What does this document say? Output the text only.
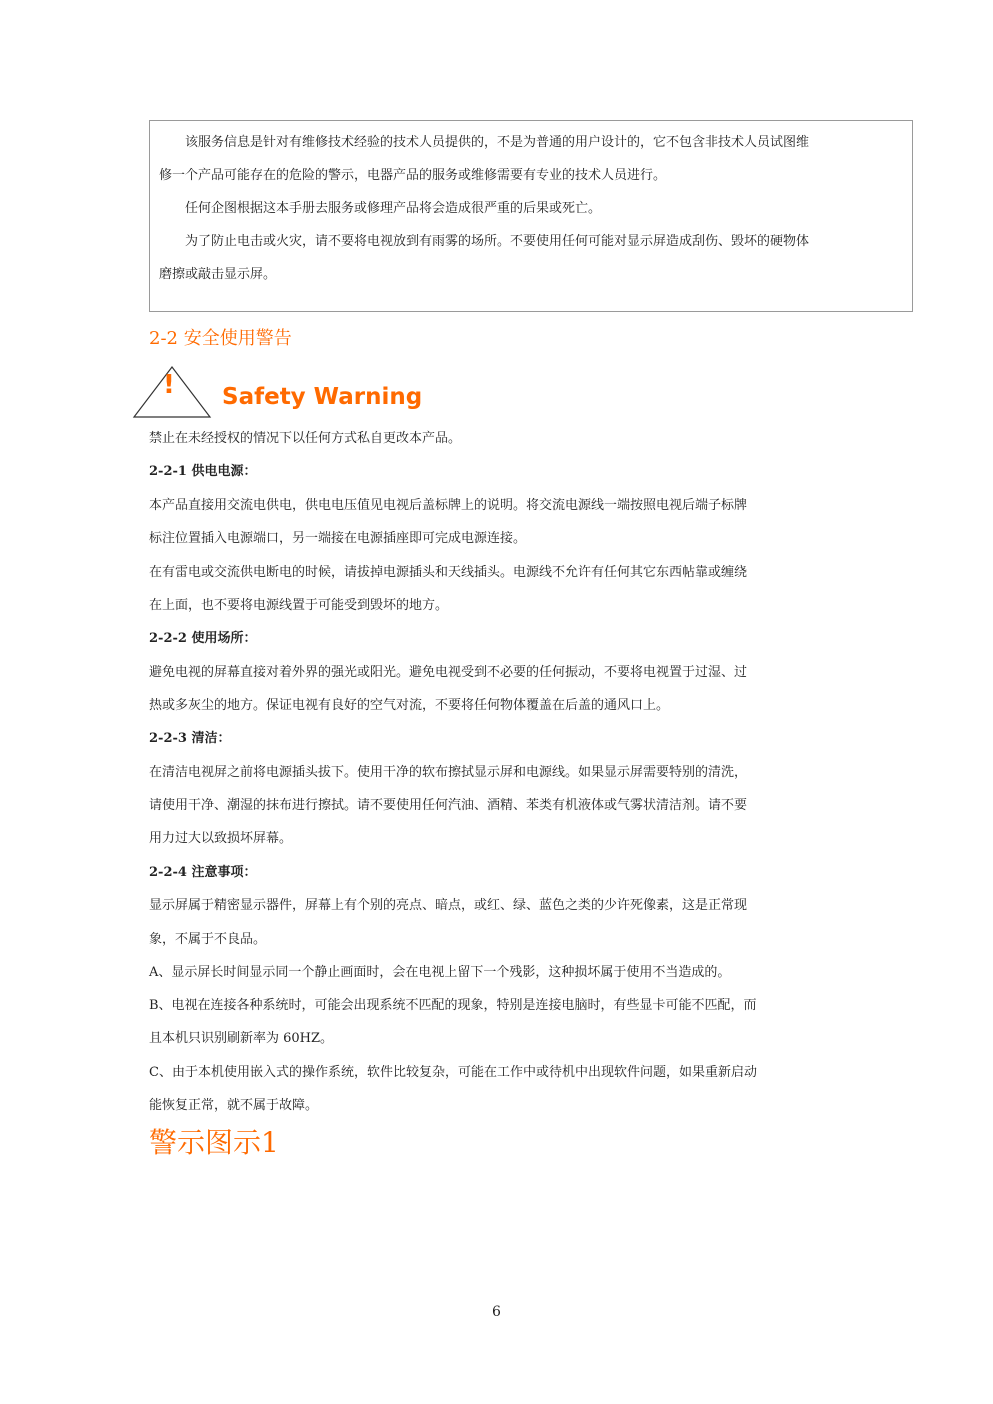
　　该服务信息是针对有维修技术经验的技术人员提供的，不是为普通的用户设计的，它不包含非技术人员试图维

修一个产品可能存在的危险的警示，电器产品的服务或维修需要有专业的技术人员进行。

　　任何企图根据这本手册去服务或修理产品将会造成很严重的后果或死亡。

　　为了防止电击或火灾，请不要将电视放到有雨雾的场所。不要使用任何可能对显示屏造成刮伤、毁坏的硬物体

磨擦或敲击显示屏。

2-2 安全使用警告
! Safety Warning

禁止在未经授权的情况下以任何方式私自更改本产品。

2-2-1 供电电源：

本产品直接用交流电供电，供电电压值见电视后盖标牌上的说明。将交流电源线一端按照电视后端子标牌

标注位置插入电源端口，另一端接在电源插座即可完成电源连接。

在有雷电或交流供电断电的时候，请拔掉电源插头和天线插头。电源线不允许有任何其它东西帖靠或缠绕

在上面，也不要将电源线置于可能受到毁坏的地方。

2-2-2 使用场所：

避免电视的屏幕直接对着外界的强光或阳光。避免电视受到不必要的任何振动，不要将电视置于过湿、过

热或多灰尘的地方。保证电视有良好的空气对流，不要将任何物体覆盖在后盖的通风口上。

2-2-3 清洁：

在清洁电视屏之前将电源插头拔下。使用干净的软布擦拭显示屏和电源线。如果显示屏需要特别的清洗，

请使用干净、潮湿的抹布进行擦拭。请不要使用任何汽油、酒精、苯类有机液体或气雾状清洁剂。请不要

用力过大以致损坏屏幕。

2-2-4 注意事项：

显示屏属于精密显示器件，屏幕上有个别的亮点、暗点，或红、绿、蓝色之类的少许死像素，这是正常现

象，不属于不良品。

A、显示屏长时间显示同一个静止画面时，会在电视上留下一个残影，这种损坏属于使用不当造成的。

B、电视在连接各种系统时，可能会出现系统不匹配的现象，特别是连接电脑时，有些显卡可能不匹配，而

且本机只识别刷新率为 60HZ。

C、由于本机使用嵌入式的操作系统，软件比较复杂，可能在工作中或待机中出现软件问题，如果重新启动

能恢复正常，就不属于故障。

警示图示1

6
